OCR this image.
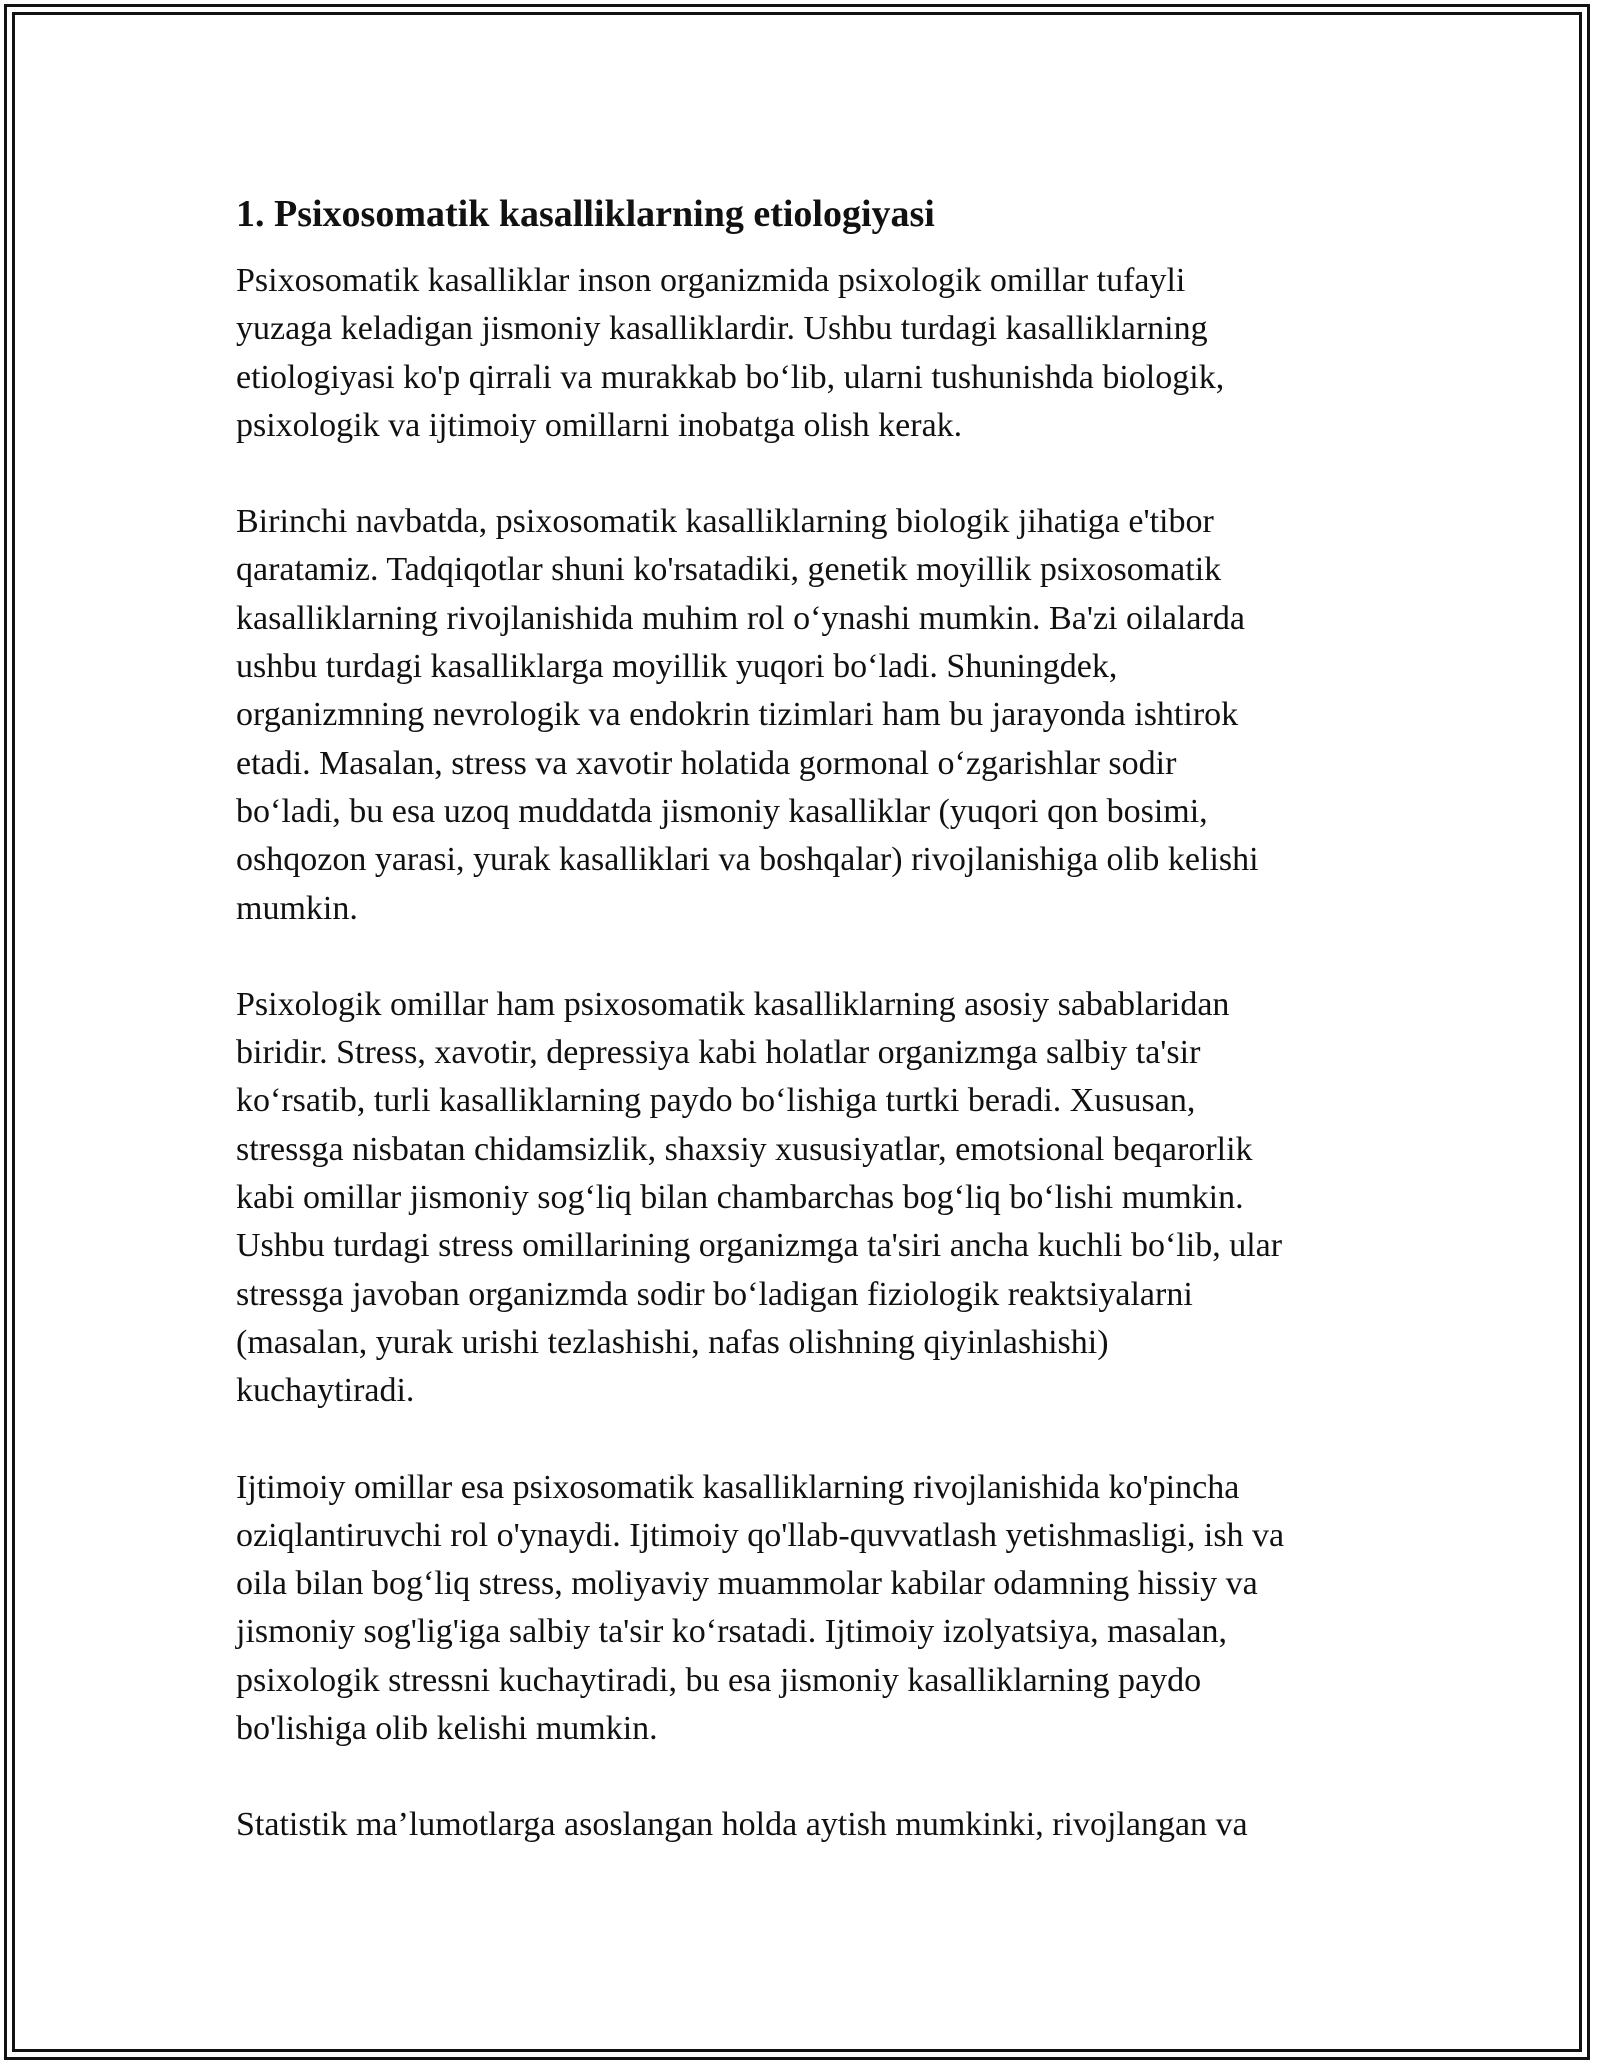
1. Psixosomatik kasalliklarning etiologiyasi

Psixosomatik kasalliklar inson organizmida psixologik omillar tufayli
yuzaga keladigan jismoniy kasalliklardir. Ushbu turdagi kasalliklarning
etiologiyasi ko'p qirrali va murakkab bo‘lib, ularni tushunishda biologik,
psixologik va ijtimoiy omillarni inobatga olish kerak.

Birinchi navbatda, psixosomatik kasalliklarning biologik jihatiga e'tibor
qaratamiz. Tadqiqotlar shuni ko'rsatadiki, genetik moyillik psixosomatik
kasalliklarning rivojlanishida muhim rol o‘ynashi mumkin. Ba'zi oilalarda
ushbu turdagi kasalliklarga moyillik yuqori bo‘ladi. Shuningdek,
organizmning nevrologik va endokrin tizimlari ham bu jarayonda ishtirok
etadi. Masalan, stress va xavotir holatida gormonal o‘zgarishlar sodir
bo‘ladi, bu esa uzoq muddatda jismoniy kasalliklar (yuqori qon bosimi,
oshqozon yarasi, yurak kasalliklari va boshqalar) rivojlanishiga olib kelishi
mumkin.

Psixologik omillar ham psixosomatik kasalliklarning asosiy sabablaridan
biridir. Stress, xavotir, depressiya kabi holatlar organizmga salbiy ta'sir
ko‘rsatib, turli kasalliklarning paydo bo‘lishiga turtki beradi. Xususan,
stressga nisbatan chidamsizlik, shaxsiy xususiyatlar, emotsional beqarorlik
kabi omillar jismoniy sog‘liq bilan chambarchas bog‘liq bo‘lishi mumkin.
Ushbu turdagi stress omillarining organizmga ta'siri ancha kuchli bo‘lib, ular
stressga javoban organizmda sodir bo‘ladigan fiziologik reaktsiyalarni
(masalan, yurak urishi tezlashishi, nafas olishning qiyinlashishi)
kuchaytiradi.

Ijtimoiy omillar esa psixosomatik kasalliklarning rivojlanishida ko'pincha
oziqlantiruvchi rol o'ynaydi. Ijtimoiy qo'llab-quvvatlash yetishmasligi, ish va
oila bilan bog‘liq stress, moliyaviy muammolar kabilar odamning hissiy va
jismoniy sog'lig'iga salbiy ta'sir ko‘rsatadi. Ijtimoiy izolyatsiya, masalan,
psixologik stressni kuchaytiradi, bu esa jismoniy kasalliklarning paydo
bo'lishiga olib kelishi mumkin.

Statistik ma’lumotlarga asoslangan holda aytish mumkinki, rivojlangan va
